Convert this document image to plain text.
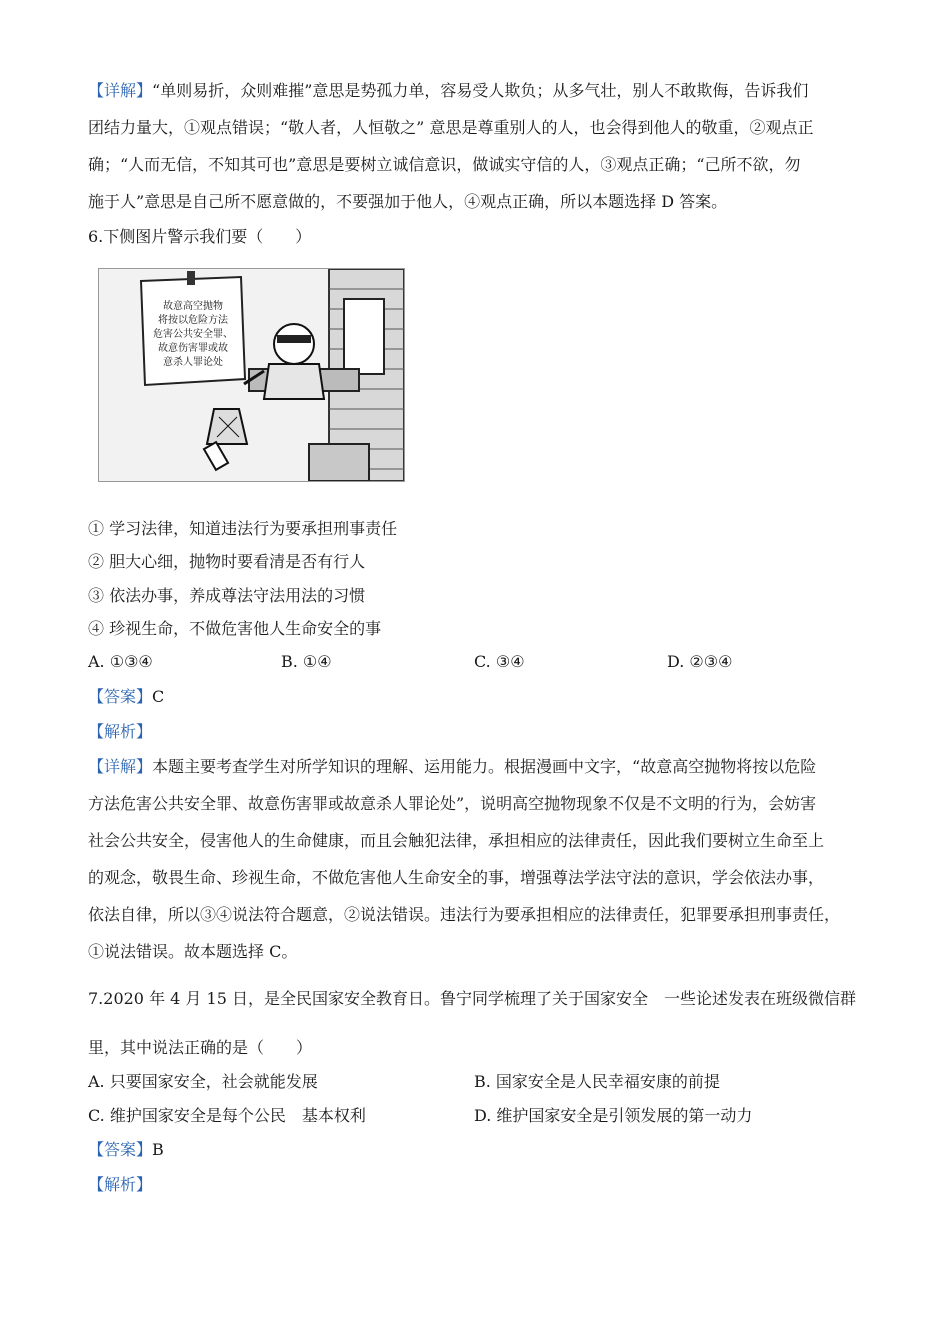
【详解】“单则易折，众则难摧”意思是势孤力单，容易受人欺负；从多气壮，别人不敢欺侮，告诉我们
团结力量大，①观点错误；“敬人者，人恒敬之” 意思是尊重别人的人，也会得到他人的敬重，②观点正
确；“人而无信，不知其可也”意思是要树立诚信意识，做诚实守信的人，③观点正确；“己所不欲，勿
施于人”意思是自己所不愿意做的，不要强加于他人，④观点正确，所以本题选择 D 答案。
6.下侧图片警示我们要（　　）
故意高空抛物
将按以危险方法
危害公共安全罪、
故意伤害罪或故
意杀人罪论处
① 学习法律，知道违法行为要承担刑事责任
② 胆大心细，抛物时要看清是否有行人
③ 依法办事，养成尊法守法用法的习惯
④ 珍视生命，不做危害他人生命安全的事
A. ①③④	B. ①④	C. ③④	D. ②③④
【答案】C
【解析】
【详解】本题主要考查学生对所学知识的理解、运用能力。根据漫画中文字，“故意高空抛物将按以危险
方法危害公共安全罪、故意伤害罪或故意杀人罪论处”，说明高空抛物现象不仅是不文明的行为，会妨害
社会公共安全，侵害他人的生命健康，而且会触犯法律，承担相应的法律责任，因此我们要树立生命至上
的观念，敬畏生命、珍视生命，不做危害他人生命安全的事，增强尊法学法守法的意识，学会依法办事，
依法自律，所以③④说法符合题意，②说法错误。违法行为要承担相应的法律责任，犯罪要承担刑事责任，
①说法错误。故本题选择 C。
7.2020 年 4 月 15 日，是全民国家安全教育日。鲁宁同学梳理了关于国家安全　一些论述发表在班级微信群
里，其中说法正确的是（　　）
A. 只要国家安全，社会就能发展	B. 国家安全是人民幸福安康的前提
C. 维护国家安全是每个公民　基本权利	D. 维护国家安全是引领发展的第一动力
【答案】B
【解析】
